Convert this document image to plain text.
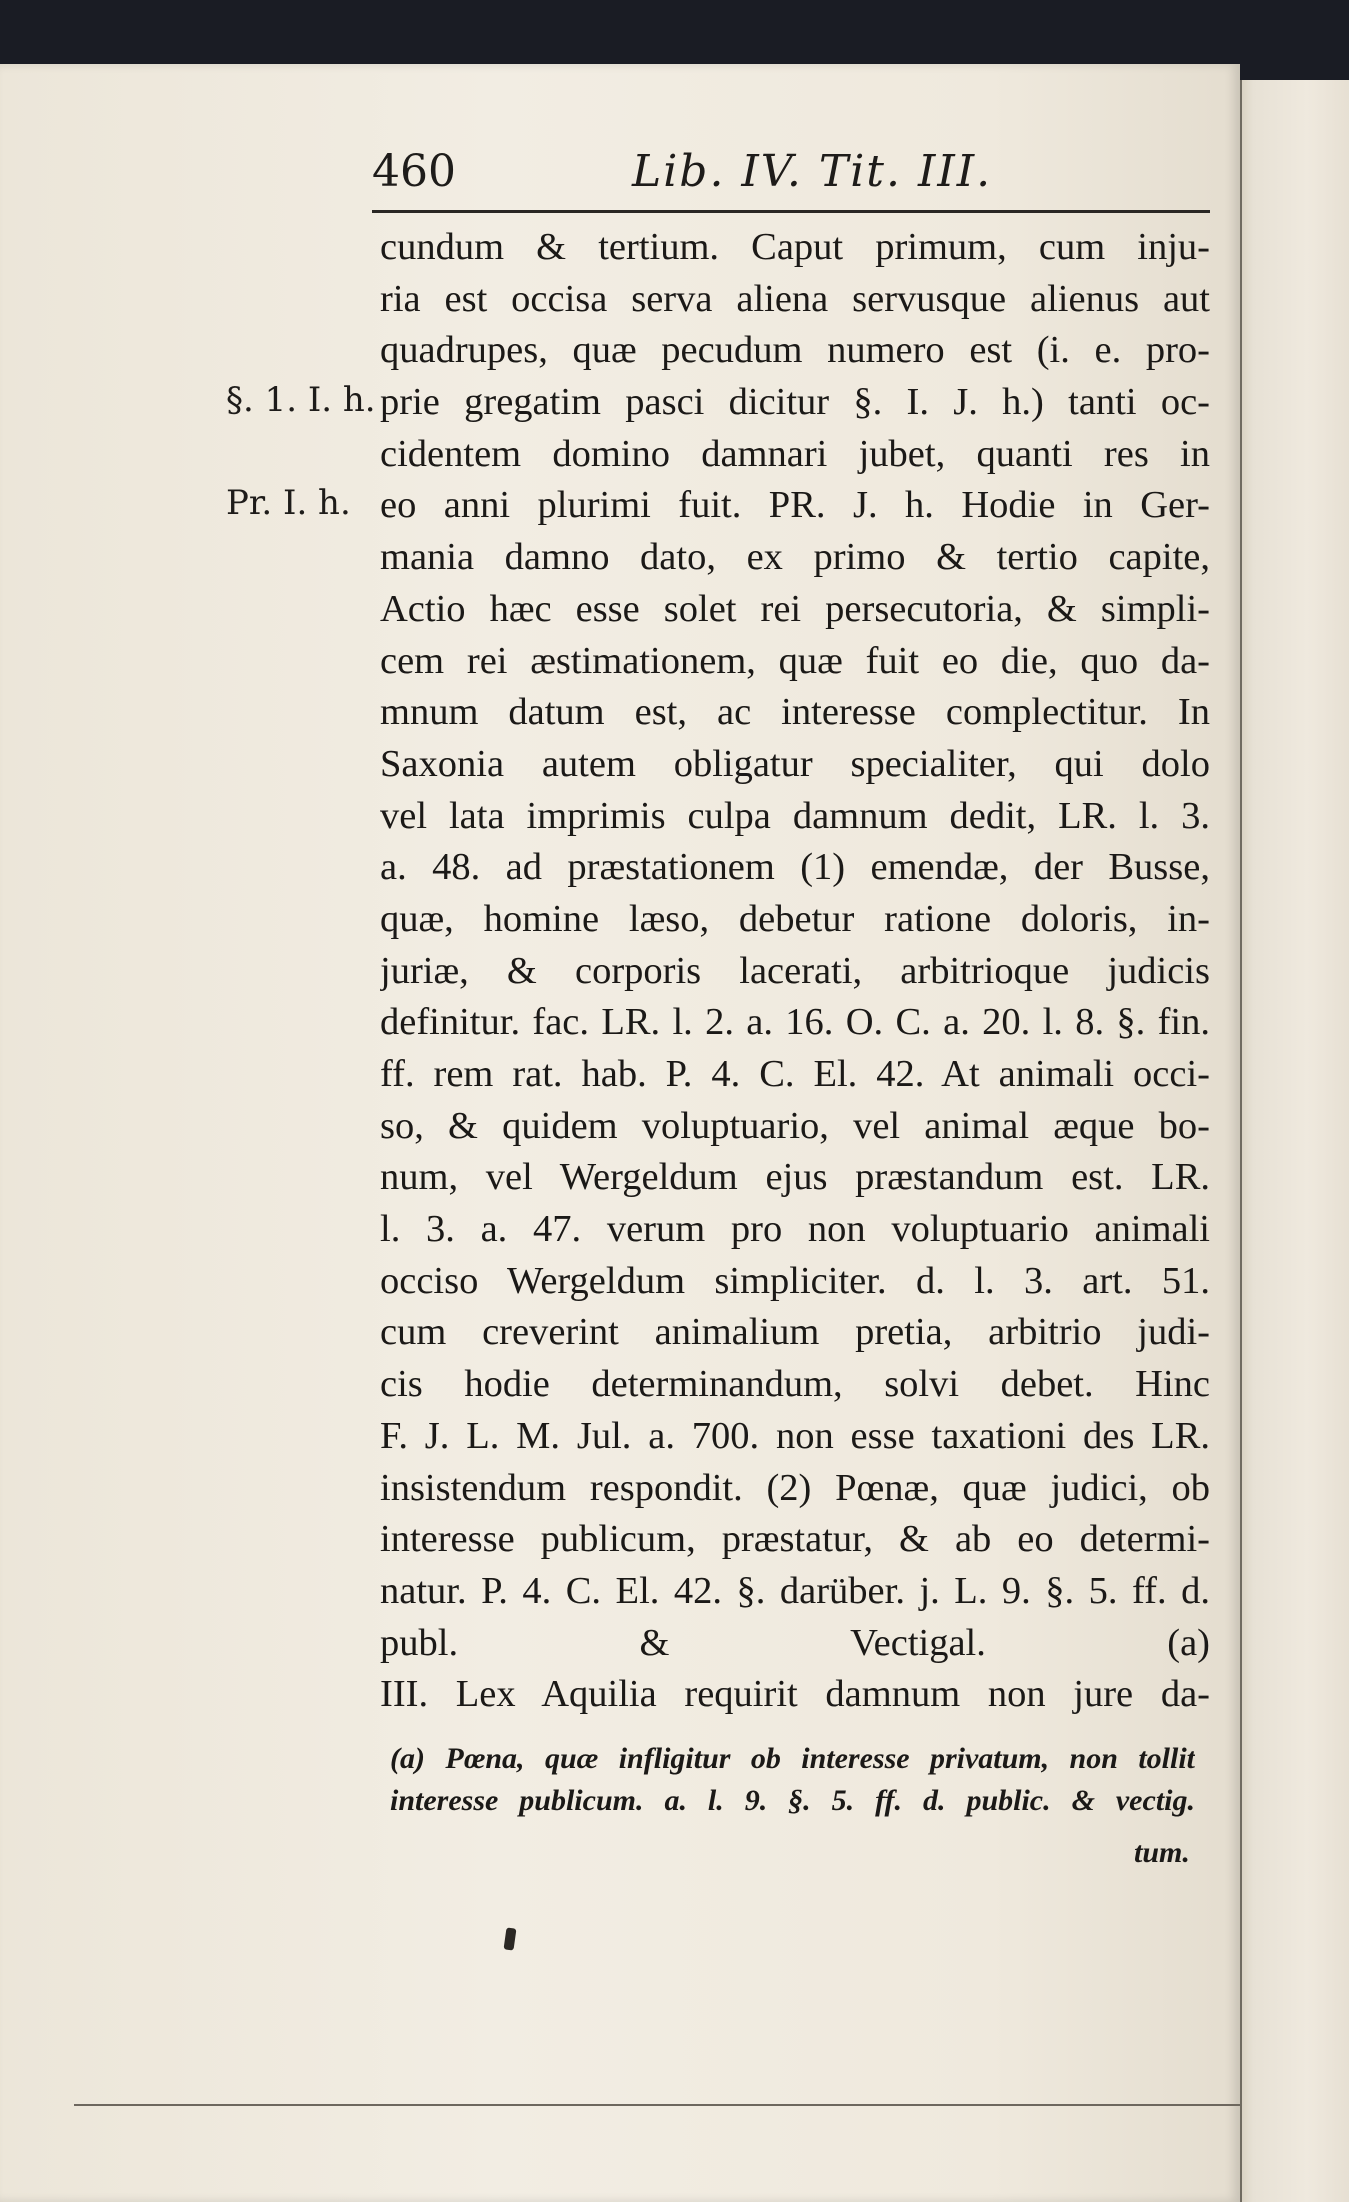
460	Lib. IV. Tit. III.
§. 1. I. h.
Pr. I. h.
cundum & tertium. Caput primum, cum inju-
ria est occisa serva aliena servusque alienus aut
quadrupes, quæ pecudum numero est (i. e. pro-
prie gregatim pasci dicitur §. I. J. h.) tanti oc-
cidentem domino damnari jubet, quanti res in
eo anni plurimi fuit. PR. J. h. Hodie in Ger-
mania damno dato, ex primo & tertio capite,
Actio hæc esse solet rei persecutoria, & simpli-
cem rei æstimationem, quæ fuit eo die, quo da-
mnum datum est, ac interesse complectitur. In
Saxonia autem obligatur specialiter, qui dolo
vel lata imprimis culpa damnum dedit, LR. l. 3.
a. 48. ad præstationem (1) emendæ, der Busse,
quæ, homine læso, debetur ratione doloris, in-
juriæ, & corporis lacerati, arbitrioque judicis
definitur. fac. LR. l. 2. a. 16. O. C. a. 20. l. 8. §. fin.
ff. rem rat. hab. P. 4. C. El. 42. At animali occi-
so, & quidem voluptuario, vel animal æque bo-
num, vel Wergeldum ejus præstandum est. LR.
l. 3. a. 47. verum pro non voluptuario animali
occiso Wergeldum simpliciter. d. l. 3. art. 51.
cum creverint animalium pretia, arbitrio judi-
cis hodie determinandum, solvi debet. Hinc
F. J. L. M. Jul. a. 700. non esse taxationi des LR.
insistendum respondit. (2) Pœnæ, quæ judici, ob
interesse publicum, præstatur, & ab eo determi-
natur. P. 4. C. El. 42. §. darüber. j. L. 9. §. 5. ff. d.
publ. & Vectigal. (a)
III. Lex Aquilia requirit damnum non jure da-
(a) Pœna, quæ infligitur ob interesse privatum, non tollit
interesse publicum. a. l. 9. §. 5. ff. d. public. & vectig.
tum.
